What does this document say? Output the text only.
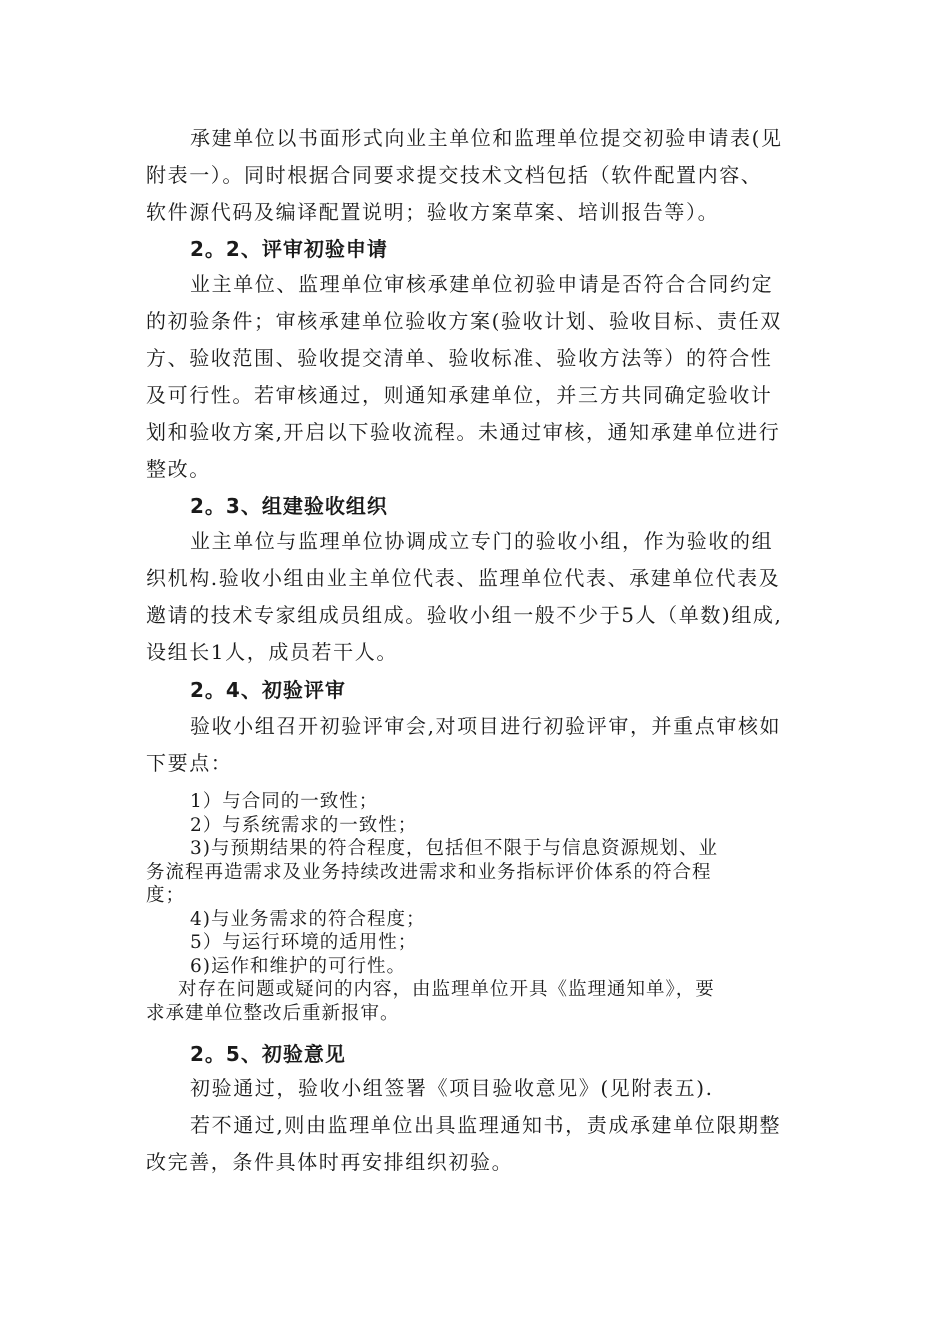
承建单位以书面形式向业主单位和监理单位提交初验申请表(见
附表一）。同时根据合同要求提交技术文档包括（软件配置内容、
软件源代码及编译配置说明；验收方案草案、培训报告等）。
2。2、评审初验申请
业主单位、监理单位审核承建单位初验申请是否符合合同约定
的初验条件；审核承建单位验收方案(验收计划、验收目标、责任双
方、验收范围、验收提交清单、验收标准、验收方法等）的符合性
及可行性。若审核通过，则通知承建单位，并三方共同确定验收计
划和验收方案,开启以下验收流程。未通过审核，通知承建单位进行
整改。
2。3、组建验收组织
业主单位与监理单位协调成立专门的验收小组，作为验收的组
织机构.验收小组由业主单位代表、监理单位代表、承建单位代表及
邀请的技术专家组成员组成。验收小组一般不少于5人（单数)组成,
设组长1人，成员若干人。
2。4、初验评审
验收小组召开初验评审会,对项目进行初验评审，并重点审核如
下要点：
1）与合同的一致性；
2）与系统需求的一致性；
3)与预期结果的符合程度，包括但不限于与信息资源规划、业
务流程再造需求及业务持续改进需求和业务指标评价体系的符合程
度；
4)与业务需求的符合程度；
5）与运行环境的适用性；
6)运作和维护的可行性。
对存在问题或疑问的内容，由监理单位开具《监理通知单》，要
求承建单位整改后重新报审。
2。5、初验意见
初验通过，验收小组签署《项目验收意见》(见附表五).
若不通过,则由监理单位出具监理通知书，责成承建单位限期整
改完善，条件具体时再安排组织初验。
